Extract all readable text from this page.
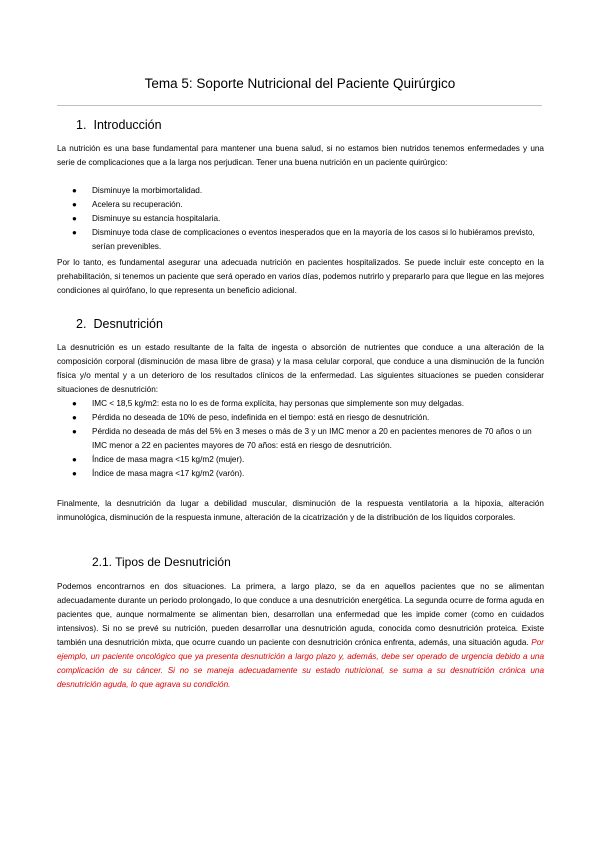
Tema 5: Soporte Nutricional del Paciente Quirúrgico
1. Introducción

La nutrición es una base fundamental para mantener una buena salud, si no estamos bien nutridos tenemos enfermedades y una serie de complicaciones que a la larga nos perjudican. Tener una buena nutrición en un paciente quirúrgico:

● Disminuye la morbimortalidad.
● Acelera su recuperación.
● Disminuye su estancia hospitalaria.
● Disminuye toda clase de complicaciones o eventos inesperados que en la mayoría de los casos si lo hubiéramos previsto, serían prevenibles.

Por lo tanto, es fundamental asegurar una adecuada nutrición en pacientes hospitalizados. Se puede incluir este concepto en la prehabilitación, si tenemos un paciente que será operado en varios días, podemos nutrirlo y prepararlo para que llegue en las mejores condiciones al quirófano, lo que representa un beneficio adicional.

2. Desnutrición

La desnutrición es un estado resultante de la falta de ingesta o absorción de nutrientes que conduce a una alteración de la composición corporal (disminución de masa libre de grasa) y la masa celular corporal, que conduce a una disminución de la función física y/o mental y a un deterioro de los resultados clínicos de la enfermedad. Las siguientes situaciones se pueden considerar situaciones de desnutrición:

● IMC < 18,5 kg/m2: esta no lo es de forma explícita, hay personas que simplemente son muy delgadas.
● Pérdida no deseada de 10% de peso, indefinida en el tiempo: está en riesgo de desnutrición.
● Pérdida no deseada de más del 5% en 3 meses o más de 3 y un IMC menor a 20 en pacientes menores de 70 años o un IMC menor a 22 en pacientes mayores de 70 años: está en riesgo de desnutrición.
● Índice de masa magra <15 kg/m2 (mujer).
● Índice de masa magra <17 kg/m2 (varón).

Finalmente, la desnutrición da lugar a debilidad muscular, disminución de la respuesta ventilatoria a la hipoxia, alteración inmunológica, disminución de la respuesta inmune, alteración de la cicatrización y de la distribución de los líquidos corporales.

2.1. Tipos de Desnutrición

Podemos encontrarnos en dos situaciones. La primera, a largo plazo, se da en aquellos pacientes que no se alimentan adecuadamente durante un periodo prolongado, lo que conduce a una desnutrición energética. La segunda ocurre de forma aguda en pacientes que, aunque normalmente se alimentan bien, desarrollan una enfermedad que les impide comer (como en cuidados intensivos). Si no se prevé su nutrición, pueden desarrollar una desnutrición aguda, conocida como desnutrición proteica. Existe también una desnutrición mixta, que ocurre cuando un paciente con desnutrición crónica enfrenta, además, una situación aguda. Por ejemplo, un paciente oncológico que ya presenta desnutrición a largo plazo y, además, debe ser operado de urgencia debido a una complicación de su cáncer. Si no se maneja adecuadamente su estado nutricional, se suma a su desnutrición crónica una desnutrición aguda, lo que agrava su condición.
